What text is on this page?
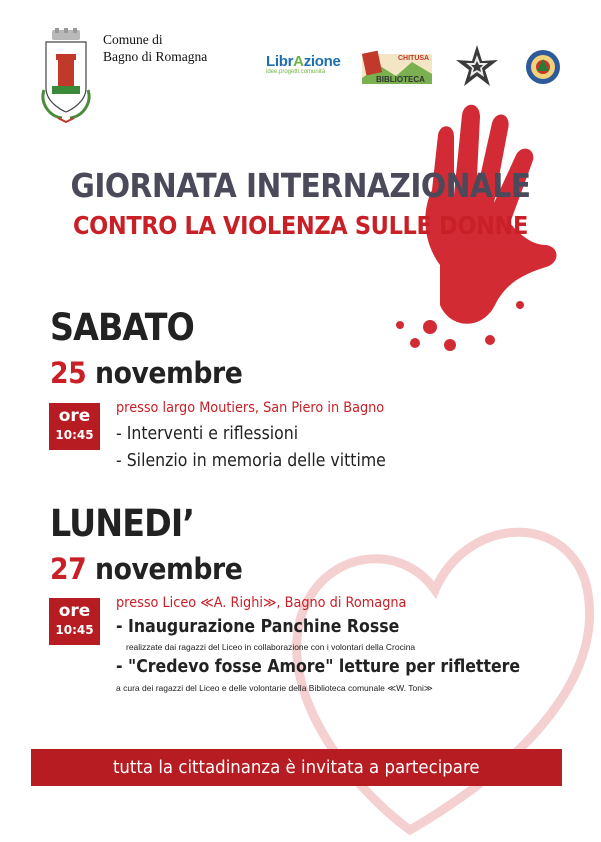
Comune di
Bagno di Romagna	LibrAzione
idee.progetti.comunità
CHITUSA
BIBLIOTECA
GIORNATA INTERNAZIONALE
CONTRO LA VIOLENZA SULLE DONNE
SABATO
25 novembre
ore
10:45
presso largo Moutiers, San Piero in Bagno
- Interventi e riflessioni
- Silenzio in memoria delle vittime
LUNEDI’
27 novembre
ore
10:45
presso Liceo ≪A. Righi≫, Bagno di Romagna
- Inaugurazione Panchine Rosse
realizzate dai ragazzi del Liceo in collaborazione con i volontari della Crocina
- "Credevo fosse Amore" letture per riflettere
a cura dei ragazzi del Liceo e delle volontarie della Biblioteca comunale ≪W. Toni≫
tutta la cittadinanza è invitata a partecipare
